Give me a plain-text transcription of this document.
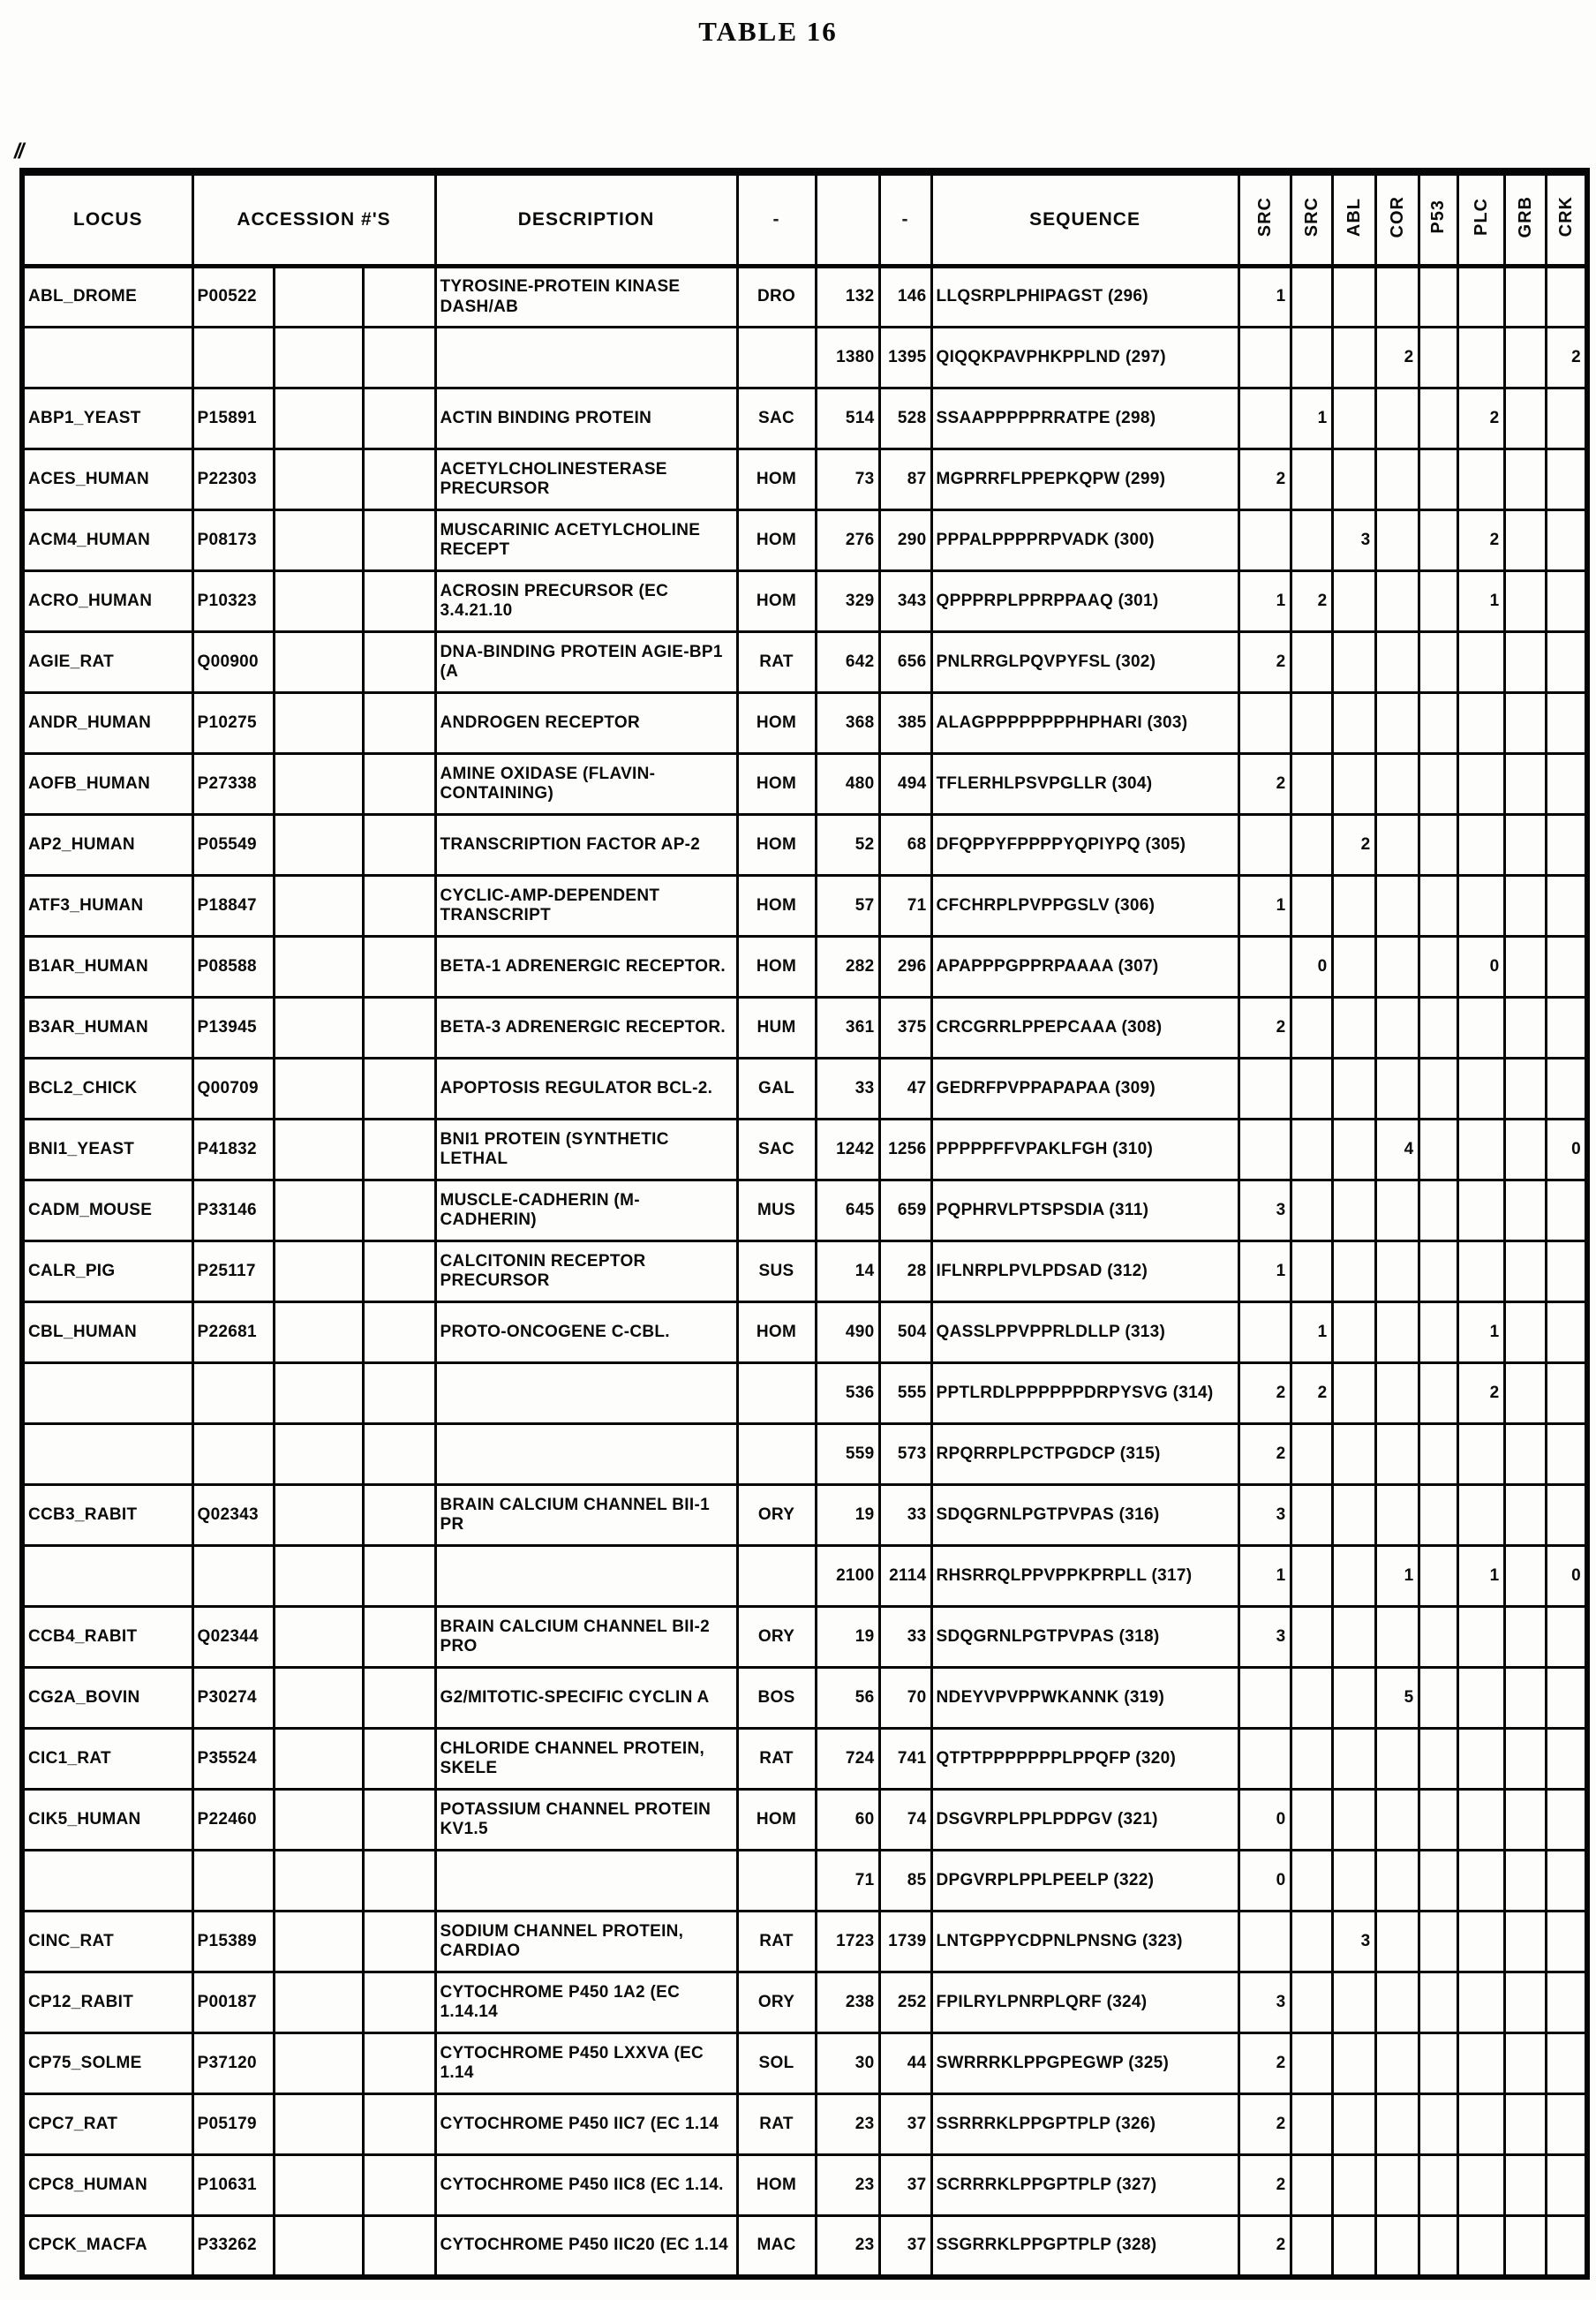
TABLE 16
//
LOCUS	ACCESSION #'S			DESCRIPTION	-		-	SEQUENCE	SRC	SRC	ABL	COR	P53	PLC	GRB	CRK
ABL_DROME	P00522			TYROSINE-PROTEIN KINASE DASH/AB	DRO	132	146	LLQSRPLPHIPAGST (296)	1							
						1380	1395	QIQQKPAVPHKPPLND (297)				2				2
ABP1_YEAST	P15891			ACTIN BINDING PROTEIN	SAC	514	528	SSAAPPPPPRRATPE (298)		1				2		
ACES_HUMAN	P22303			ACETYLCHOLINESTERASE PRECURSOR	HOM	73	87	MGPRRFLPPEPKQPW (299)	2							
ACM4_HUMAN	P08173			MUSCARINIC ACETYLCHOLINE RECEPT	HOM	276	290	PPPALPPPPRPVADK (300)			3			2		
ACRO_HUMAN	P10323			ACROSIN PRECURSOR (EC 3.4.21.10	HOM	329	343	QPPPRPLPPRPPAAQ (301)	1	2				1		
AGIE_RAT	Q00900			DNA-BINDING PROTEIN AGIE-BP1 (A	RAT	642	656	PNLRRGLPQVPYFSL (302)	2							
ANDR_HUMAN	P10275			ANDROGEN RECEPTOR	HOM	368	385	ALAGPPPPPPPPHPHARI (303)								
AOFB_HUMAN	P27338			AMINE OXIDASE (FLAVIN-CONTAINING)	HOM	480	494	TFLERHLPSVPGLLR (304)	2							
AP2_HUMAN	P05549			TRANSCRIPTION FACTOR AP-2	HOM	52	68	DFQPPYFPPPPYQPIYPQ (305)			2					
ATF3_HUMAN	P18847			CYCLIC-AMP-DEPENDENT TRANSCRIPT	HOM	57	71	CFCHRPLPVPPGSLV (306)	1							
B1AR_HUMAN	P08588			BETA-1 ADRENERGIC RECEPTOR.	HOM	282	296	APAPPPGPPRPAAAA (307)		0				0		
B3AR_HUMAN	P13945			BETA-3 ADRENERGIC RECEPTOR.	HUM	361	375	CRCGRRLPPEPCAAA (308)	2							
BCL2_CHICK	Q00709			APOPTOSIS REGULATOR BCL-2.	GAL	33	47	GEDRFPVPPAPAPAA (309)								
BNI1_YEAST	P41832			BNI1 PROTEIN (SYNTHETIC LETHAL	SAC	1242	1256	PPPPPFFVPAKLFGH (310)				4				0
CADM_MOUSE	P33146			MUSCLE-CADHERIN (M-CADHERIN)	MUS	645	659	PQPHRVLPTSPSDIA (311)	3							
CALR_PIG	P25117			CALCITONIN RECEPTOR PRECURSOR	SUS	14	28	IFLNRPLPVLPDSAD (312)	1							
CBL_HUMAN	P22681			PROTO-ONCOGENE C-CBL.	HOM	490	504	QASSLPPVPPRLDLLP (313)		1				1		
						536	555	PPTLRDLPPPPPPDRPYSVG (314)	2	2				2		
						559	573	RPQRRPLPCTPGDCP (315)	2							
CCB3_RABIT	Q02343			BRAIN CALCIUM CHANNEL BII-1 PR	ORY	19	33	SDQGRNLPGTPVPAS (316)	3							
						2100	2114	RHSRRQLPPVPPKPRPLL (317)	1			1		1		0
CCB4_RABIT	Q02344			BRAIN CALCIUM CHANNEL BII-2 PRO	ORY	19	33	SDQGRNLPGTPVPAS (318)	3							
CG2A_BOVIN	P30274			G2/MITOTIC-SPECIFIC CYCLIN A	BOS	56	70	NDEYVPVPPWKANNK (319)				5				
CIC1_RAT	P35524			CHLORIDE CHANNEL PROTEIN, SKELE	RAT	724	741	QTPTPPPPPPPLPPQFP (320)								
CIK5_HUMAN	P22460			POTASSIUM CHANNEL PROTEIN KV1.5	HOM	60	74	DSGVRPLPPLPDPGV (321)	0							
						71	85	DPGVRPLPPLPEELP (322)	0							
CINC_RAT	P15389			SODIUM CHANNEL PROTEIN, CARDIAO	RAT	1723	1739	LNTGPPYCDPNLPNSNG (323)			3					
CP12_RABIT	P00187			CYTOCHROME P450 1A2 (EC 1.14.14	ORY	238	252	FPILRYLPNRPLQRF (324)	3							
CP75_SOLME	P37120			CYTOCHROME P450 LXXVA (EC 1.14	SOL	30	44	SWRRRKLPPGPEGWP (325)	2							
CPC7_RAT	P05179			CYTOCHROME P450 IIC7 (EC 1.14	RAT	23	37	SSRRRKLPPGPTPLP (326)	2							
CPC8_HUMAN	P10631			CYTOCHROME P450 IIC8 (EC 1.14.	HOM	23	37	SCRRRKLPPGPTPLP (327)	2							
CPCK_MACFA	P33262			CYTOCHROME P450 IIC20 (EC 1.14	MAC	23	37	SSGRRKLPPGPTPLP (328)	2							
